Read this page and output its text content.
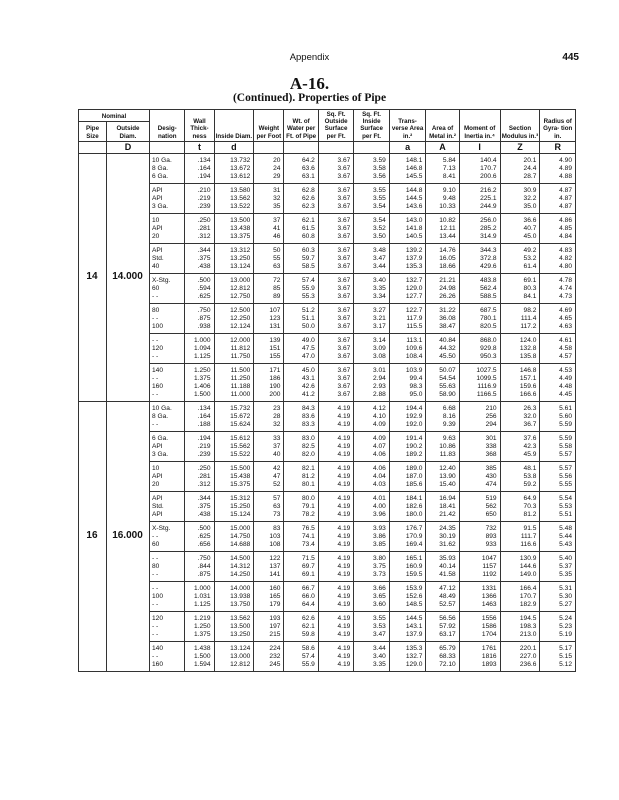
Appendix	445
A-16.
(Continued). Properties of Pipe
Nominal		Desig- nation	Wall Thick- ness	Inside Diam.	Weight per Foot	Wt. of Water per Ft. of Pipe	Sq. Ft. Outside Surface per Ft.	Sq. Ft. Inside Surface per Ft.	Trans- verse Area in.²	Area of Metal in.²	Moment of Inertia in.⁴	Section Modulus in.³	Radius of Gyra- tion in.
Pipe Size	Outside Diam.												
	D		t	d					a	A	I	Z	R
14	14.000	10 Ga.	.134	13.732	20	64.2	3.67	3.59	148.1	5.84	140.4	20.1	4.90
		8 Ga.	.164	13.672	24	63.6	3.67	3.58	146.8	7.13	170.7	24.4	4.89
		6 Ga.	.194	13.612	29	63.1	3.67	3.56	145.5	8.41	200.6	28.7	4.88
		API	.210	13.580	31	62.8	3.67	3.55	144.8	9.10	216.2	30.9	4.87
		API	.219	13.562	32	62.6	3.67	3.55	144.5	9.48	225.1	32.2	4.87
		3 Ga.	.239	13.522	35	62.3	3.67	3.54	143.6	10.33	244.9	35.0	4.87
		10	.250	13.500	37	62.1	3.67	3.54	143.0	10.82	256.0	36.6	4.86
		API	.281	13.438	41	61.5	3.67	3.52	141.8	12.11	285.2	40.7	4.85
		20	.312	13.375	46	60.8	3.67	3.50	140.5	13.44	314.9	45.0	4.84
		API	.344	13.312	50	60.3	3.67	3.48	139.2	14.76	344.3	49.2	4.83
		Std.	.375	13.250	55	59.7	3.67	3.47	137.9	16.05	372.8	53.2	4.82
		40	.438	13.124	63	58.5	3.67	3.44	135.3	18.66	429.6	61.4	4.80
		X-Stg.	.500	13.000	72	57.4	3.67	3.40	132.7	21.21	483.8	69.1	4.78
		60	.594	12.812	85	55.9	3.67	3.35	129.0	24.98	562.4	80.3	4.74
		- -	.625	12.750	89	55.3	3.67	3.34	127.7	26.26	588.5	84.1	4.73
		80	.750	12.500	107	51.2	3.67	3.27	122.7	31.22	687.5	98.2	4.69
		- -	.875	12.250	123	51.1	3.67	3.21	117.9	36.08	780.1	111.4	4.65
		100	.938	12.124	131	50.0	3.67	3.17	115.5	38.47	820.5	117.2	4.63
		- -	1.000	12.000	139	49.0	3.67	3.14	113.1	40.84	868.0	124.0	4.61
		120	1.094	11.812	151	47.5	3.67	3.09	109.6	44.32	929.8	132.8	4.58
		- -	1.125	11.750	155	47.0	3.67	3.08	108.4	45.50	950.3	135.8	4.57
		140	1.250	11.500	171	45.0	3.67	3.01	103.9	50.07	1027.5	146.8	4.53
		- -	1.375	11.250	186	43.1	3.67	2.94	99.4	54.54	1099.5	157.1	4.49
		160	1.406	11.188	190	42.6	3.67	2.93	98.3	55.63	1116.9	159.6	4.48
		- -	1.500	11.000	200	41.2	3.67	2.88	95.0	58.90	1166.5	166.6	4.45
16	16.000	10 Ga.	.134	15.732	23	84.3	4.19	4.12	194.4	6.68	210	26.3	5.61
		8 Ga.	.164	15.672	28	83.6	4.19	4.10	192.9	8.16	256	32.0	5.60
		- -	.188	15.624	32	83.3	4.19	4.09	192.0	9.39	294	36.7	5.59
		6 Ga.	.194	15.612	33	83.0	4.19	4.09	191.4	9.63	301	37.6	5.59
		API	.219	15.562	37	82.5	4.19	4.07	190.2	10.86	338	42.3	5.58
		3 Ga.	.239	15.522	40	82.0	4.19	4.06	189.2	11.83	368	45.9	5.57
		10	.250	15.500	42	82.1	4.19	4.06	189.0	12.40	385	48.1	5.57
		API	.281	15.438	47	81.2	4.19	4.04	187.0	13.90	430	53.8	5.56
		20	.312	15.375	52	80.1	4.19	4.03	185.6	15.40	474	59.2	5.55
		API	.344	15.312	57	80.0	4.19	4.01	184.1	16.94	519	64.9	5.54
		Std.	.375	15.250	63	79.1	4.19	4.00	182.6	18.41	562	70.3	5.53
		API	.438	15.124	73	78.2	4.19	3.96	180.0	21.42	650	81.2	5.51
		X-Stg.	.500	15.000	83	76.5	4.19	3.93	176.7	24.35	732	91.5	5.48
		- -	.625	14.750	103	74.1	4.19	3.86	170.9	30.19	893	111.7	5.44
		60	.656	14.688	108	73.4	4.19	3.85	169.4	31.62	933	116.6	5.43
		- -	.750	14.500	122	71.5	4.19	3.80	165.1	35.93	1047	130.9	5.40
		80	.844	14.312	137	69.7	4.19	3.75	160.9	40.14	1157	144.6	5.37
		- -	.875	14.250	141	69.1	4.19	3.73	159.5	41.58	1192	149.0	5.35
		- -	1.000	14.000	160	66.7	4.19	3.66	153.9	47.12	1331	166.4	5.31
		100	1.031	13.938	165	66.0	4.19	3.65	152.6	48.49	1366	170.7	5.30
		- -	1.125	13.750	179	64.4	4.19	3.60	148.5	52.57	1463	182.9	5.27
		120	1.219	13.562	193	62.6	4.19	3.55	144.5	56.56	1556	194.5	5.24
		- -	1.250	13.500	197	62.1	4.19	3.53	143.1	57.92	1586	198.3	5.23
		- -	1.375	13.250	215	59.8	4.19	3.47	137.9	63.17	1704	213.0	5.19
		140	1.438	13.124	224	58.6	4.19	3.44	135.3	65.79	1761	220.1	5.17
		- -	1.500	13.000	232	57.4	4.19	3.40	132.7	68.33	1816	227.0	5.15
		160	1.594	12.812	245	55.9	4.19	3.35	129.0	72.10	1893	236.6	5.12
